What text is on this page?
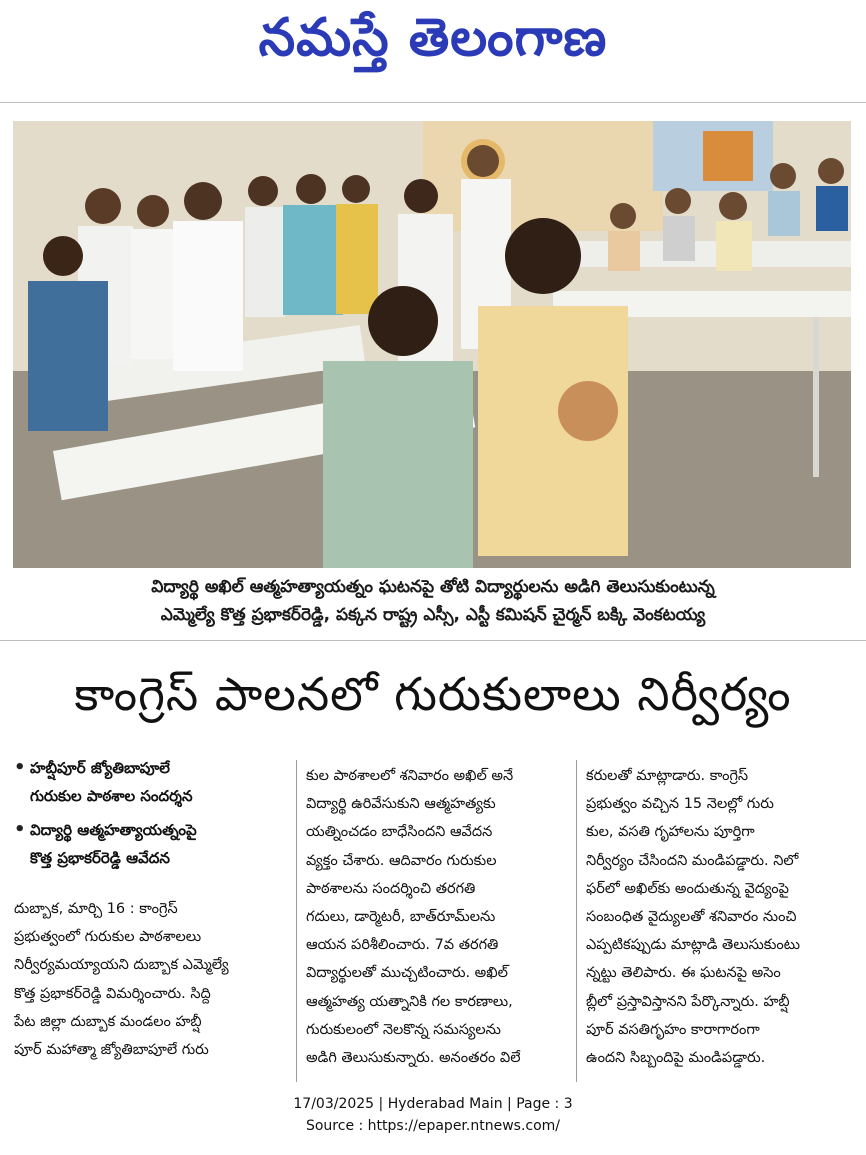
నమస్తే తెలంగాణ
విద్యార్థి అఖిల్ ఆత్మహత్యాయత్నం ఘటనపై తోటి విద్యార్థులను అడిగి తెలుసుకుంటున్న
ఎమ్మెల్యే కొత్త ప్రభాకర్‌రెడ్డి, పక్కన రాష్ట్ర ఎస్సీ, ఎస్టీ కమిషన్ చైర్మన్ బక్కి వెంకటయ్య
కాంగ్రెస్ పాలనలో గురుకులాలు నిర్వీర్యం
• హబ్షీపూర్ జ్యోతిబాపూలే
గురుకుల పాఠశాల సందర్శన
• విద్యార్థి ఆత్మహత్యాయత్నంపై
కొత్త ప్రభాకర్‌రెడ్డి ఆవేదన
దుబ్బాక, మార్చి 16 : కాంగ్రెస్
ప్రభుత్వంలో గురుకుల పాఠశాలలు
నిర్వీర్యమయ్యాయని దుబ్బాక ఎమ్మెల్యే
కొత్త ప్రభాకర్‌రెడ్డి విమర్శించారు. సిద్ది
పేట జిల్లా దుబ్బాక మండలం హబ్షీ
పూర్ మహాత్మా జ్యోతిబాపూలే గురు
కుల పాఠశాలలో శనివారం అఖిల్ అనే
విద్యార్థి ఉరివేసుకుని ఆత్మహత్యకు
యత్నించడం బాధేసిందని ఆవేదన
వ్యక్తం చేశారు. ఆదివారం గురుకుల
పాఠశాలను సందర్శించి తరగతి
గదులు, డార్మెటరీ, బాత్‌రూమ్‌లను
ఆయన పరిశీలించారు. 7వ తరగతి
విద్యార్థులతో ముచ్చటించారు. అఖిల్
ఆత్మహత్య యత్నానికి గల కారణాలు,
గురుకులంలో నెలకొన్న సమస్యలను
అడిగి తెలుసుకున్నారు. అనంతరం విలే
కరులతో మాట్లాడారు. కాంగ్రెస్
ప్రభుత్వం వచ్చిన 15 నెలల్లో గురు
కుల, వసతి గృహాలను పూర్తిగా
నిర్వీర్యం చేసిందని మండిపడ్డారు. నిలో
ఫర్‌లో అఖిల్‌కు అందుతున్న వైద్యంపై
సంబంధిత వైద్యులతో శనివారం నుంచి
ఎప్పటికప్పుడు మాట్లాడి తెలుసుకుంటు
న్నట్టు తెలిపారు. ఈ ఘటనపై అసెం
బ్లీలో ప్రస్తావిస్తానని పేర్కొన్నారు. హబ్షీ
పూర్ వసతిగృహం కారాగారంగా
ఉందని సిబ్బందిపై మండిపడ్డారు.
17/03/2025 | Hyderabad Main | Page : 3
Source : https://epaper.ntnews.com/
